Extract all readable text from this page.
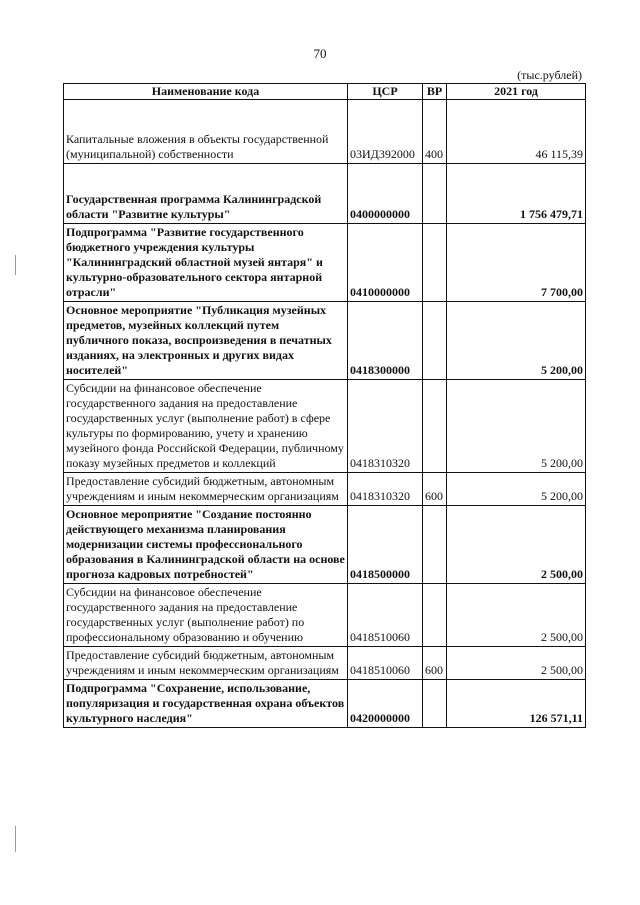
70
(тыс.рублей)
Наименование кода	ЦСР	ВР	2021 год
Капитальные вложения в объекты государственной (муниципальной) собственности	03ИД392000	400	46 115,39
Государственная программа Калининградской области "Развитие культуры"	0400000000		1 756 479,71
Подпрограмма "Развитие государственного бюджетного учреждения культуры "Калининградский областной музей янтаря" и культурно-образовательного сектора янтарной отрасли"	0410000000		7 700,00
Основное мероприятие "Публикация музейных предметов, музейных коллекций путем публичного показа, воспроизведения в печатных изданиях, на электронных и других видах носителей"	0418300000		5 200,00
Субсидии на финансовое обеспечение государственного задания на предоставление государственных услуг (выполнение работ) в сфере культуры по формированию, учету и хранению музейного фонда Российской Федерации, публичному показу музейных предметов и коллекций	0418310320		5 200,00
Предоставление субсидий бюджетным, автономным учреждениям и иным некоммерческим организациям	0418310320	600	5 200,00
Основное мероприятие "Создание постоянно действующего механизма планирования модернизации системы профессионального образования в Калининградской области на основе прогноза кадровых потребностей"	0418500000		2 500,00
Субсидии на финансовое обеспечение государственного задания на предоставление государственных услуг (выполнение работ) по профессиональному образованию и обучению	0418510060		2 500,00
Предоставление субсидий бюджетным, автономным учреждениям и иным некоммерческим организациям	0418510060	600	2 500,00
Подпрограмма "Сохранение, использование, популяризация и государственная охрана объектов культурного наследия"	0420000000		126 571,11
